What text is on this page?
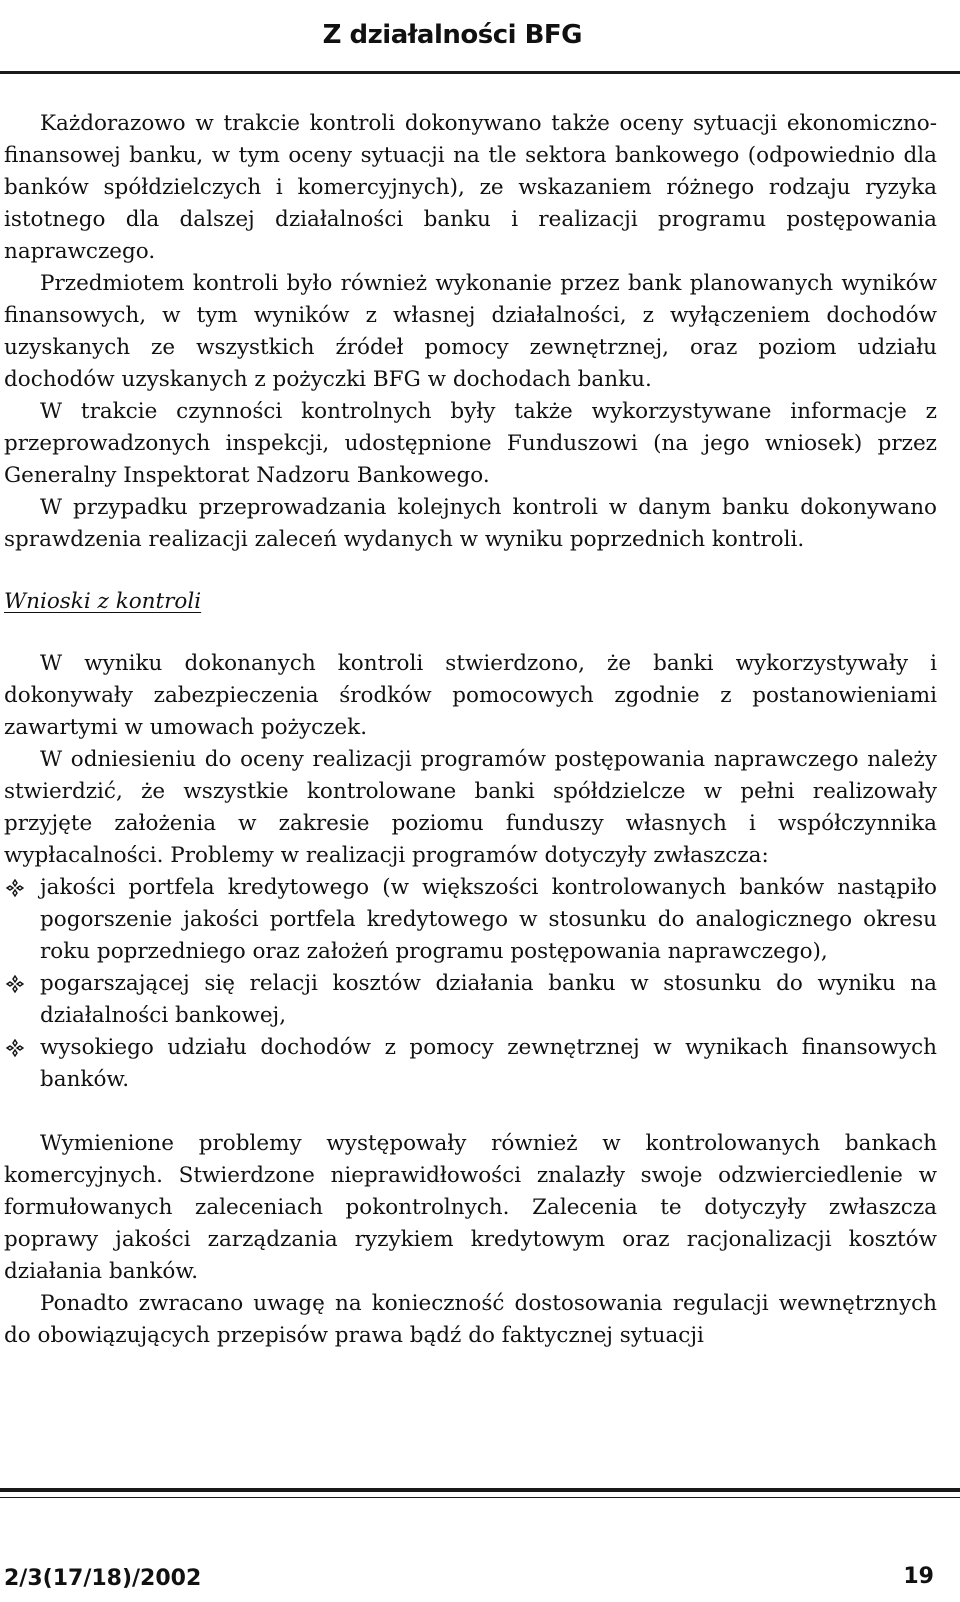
Z działalności BFG

Każdorazowo w trakcie kontroli dokonywano także oceny sytuacji ekonomiczno-finansowej banku, w tym oceny sytuacji na tle sektora bankowego (odpowiednio dla banków spółdzielczych i komercyjnych), ze wskazaniem różnego rodzaju ryzyka istotnego dla dalszej działalności banku i realizacji programu postępowania naprawczego.

Przedmiotem kontroli było również wykonanie przez bank planowanych wyników finansowych, w tym wyników z własnej działalności, z wyłączeniem dochodów uzyskanych ze wszystkich źródeł pomocy zewnętrznej, oraz poziom udziału dochodów uzyskanych z pożyczki BFG w dochodach banku.

W trakcie czynności kontrolnych były także wykorzystywane informacje z przeprowadzonych inspekcji, udostępnione Funduszowi (na jego wniosek) przez Generalny Inspektorat Nadzoru Bankowego.

W przypadku przeprowadzania kolejnych kontroli w danym banku dokonywano sprawdzenia realizacji zaleceń wydanych w wyniku poprzednich kontroli.

Wnioski z kontroli

W wyniku dokonanych kontroli stwierdzono, że banki wykorzystywały i dokonywały zabezpieczenia środków pomocowych zgodnie z postanowieniami zawartymi w umowach pożyczek.

W odniesieniu do oceny realizacji programów postępowania naprawczego należy stwierdzić, że wszystkie kontrolowane banki spółdzielcze w pełni realizowały przyjęte założenia w zakresie poziomu funduszy własnych i współczynnika wypłacalności. Problemy w realizacji programów dotyczyły zwłaszcza:

jakości portfela kredytowego (w większości kontrolowanych banków nastąpiło pogorszenie jakości portfela kredytowego w stosunku do analogicznego okresu roku poprzedniego oraz założeń programu postępowania naprawczego),
pogarszającej się relacji kosztów działania banku w stosunku do wyniku na działalności bankowej,
wysokiego udziału dochodów z pomocy zewnętrznej w wynikach finansowych banków.

Wymienione problemy występowały również w kontrolowanych bankach komercyjnych. Stwierdzone nieprawidłowości znalazły swoje odzwierciedlenie w formułowanych zaleceniach pokontrolnych. Zalecenia te dotyczyły zwłaszcza poprawy jakości zarządzania ryzykiem kredytowym oraz racjonalizacji kosztów działania banków.

Ponadto zwracano uwagę na konieczność dostosowania regulacji wewnętrznych do obowiązujących przepisów prawa bądź do faktycznej sytuacji

2/3(17/18)/2002	19
